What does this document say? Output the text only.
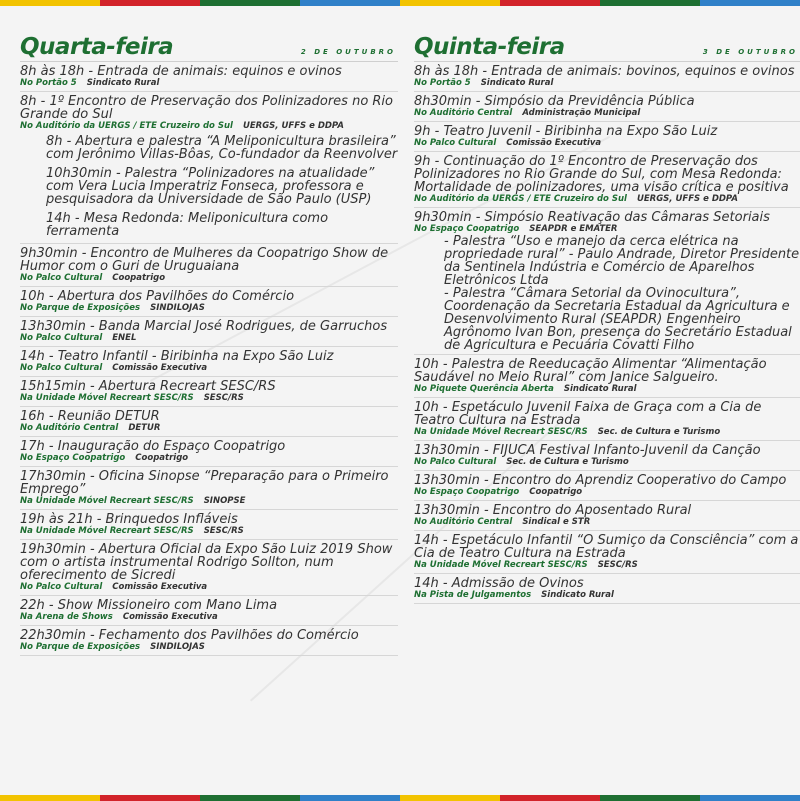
Quarta-feira	2 DE OUTUBRO
8h às 18h - Entrada de animais: equinos e ovinos
No Portão 5 Sindicato Rural
8h - 1º Encontro de Preservação dos Polinizadores no Rio Grande do Sul
No Auditório da UERGS / ETE Cruzeiro do Sul UERGS, UFFS e DDPA
8h - Abertura e palestra “A Meliponicultura brasileira” com Jerônimo Villas-Bôas, Co-fundador da Reenvolver
10h30min - Palestra “Polinizadores na atualidade” com Vera Lucia Imperatriz Fonseca, professora e pesquisadora da Universidade de São Paulo (USP)
14h - Mesa Redonda: Meliponicultura como ferramenta
9h30min - Encontro de Mulheres da Coopatrigo Show de Humor com o Guri de Uruguaiana
No Palco Cultural Coopatrigo
10h - Abertura dos Pavilhões do Comércio
No Parque de Exposições SINDILOJAS
13h30min - Banda Marcial José Rodrigues, de Garruchos
No Palco Cultural ENEL
14h - Teatro Infantil - Biribinha na Expo São Luiz
No Palco Cultural Comissão Executiva
15h15min - Abertura Recreart SESC/RS
Na Unidade Móvel Recreart SESC/RS SESC/RS
16h - Reunião DETUR
No Auditório Central DETUR
17h - Inauguração do Espaço Coopatrigo
No Espaço Coopatrigo Coopatrigo
17h30min - Oficina Sinopse “Preparação para o Primeiro Emprego”
Na Unidade Móvel Recreart SESC/RS SINOPSE
19h às 21h - Brinquedos Infláveis
Na Unidade Móvel Recreart SESC/RS SESC/RS
19h30min - Abertura Oficial da Expo São Luiz 2019 Show com o artista instrumental Rodrigo Sollton, num oferecimento de Sicredi
No Palco Cultural Comissão Executiva
22h - Show Missioneiro com Mano Lima
Na Arena de Shows Comissão Executiva
22h30min - Fechamento dos Pavilhões do Comércio
No Parque de Exposições SINDILOJAS
Quinta-feira	3 DE OUTUBRO
8h às 18h - Entrada de animais: bovinos, equinos e ovinos
No Portão 5 Sindicato Rural
8h30min - Simpósio da Previdência Pública
No Auditório Central Administração Municipal
9h - Teatro Juvenil - Biribinha na Expo São Luiz
No Palco Cultural Comissão Executiva
9h - Continuação do 1º Encontro de Preservação dos Polinizadores no Rio Grande do Sul, com Mesa Redonda: Mortalidade de polinizadores, uma visão crítica e positiva
No Auditório da UERGS / ETE Cruzeiro do Sul UERGS, UFFS e DDPA
9h30min - Simpósio Reativação das Câmaras Setoriais
No Espaço Coopatrigo SEAPDR e EMATER
- Palestra “Uso e manejo da cerca elétrica na propriedade rural” - Paulo Andrade, Diretor Presidente da Sentinela Indústria e Comércio de Aparelhos Eletrônicos Ltda
- Palestra “Câmara Setorial da Ovinocultura”, Coordenação da Secretaria Estadual da Agricultura e Desenvolvimento Rural (SEAPDR) Engenheiro Agrônomo Ivan Bon, presença do Secretário Estadual de Agricultura e Pecuária Covatti Filho
10h - Palestra de Reeducação Alimentar “Alimentação Saudável no Meio Rural” com Janice Salgueiro.
No Piquete Querência Aberta Sindicato Rural
10h - Espetáculo Juvenil Faixa de Graça com a Cia de Teatro Cultura na Estrada
Na Unidade Móvel Recreart SESC/RS Sec. de Cultura e Turismo
13h30min - FIJUCA Festival Infanto-Juvenil da Canção
No Palco Cultural Sec. de Cultura e Turismo
13h30min - Encontro do Aprendiz Cooperativo do Campo
No Espaço Coopatrigo Coopatrigo
13h30min - Encontro do Aposentado Rural
No Auditório Central Sindical e STR
14h - Espetáculo Infantil “O Sumiço da Consciência” com a Cia de Teatro Cultura na Estrada
Na Unidade Móvel Recreart SESC/RS SESC/RS
14h - Admissão de Ovinos
Na Pista de Julgamentos Sindicato Rural
